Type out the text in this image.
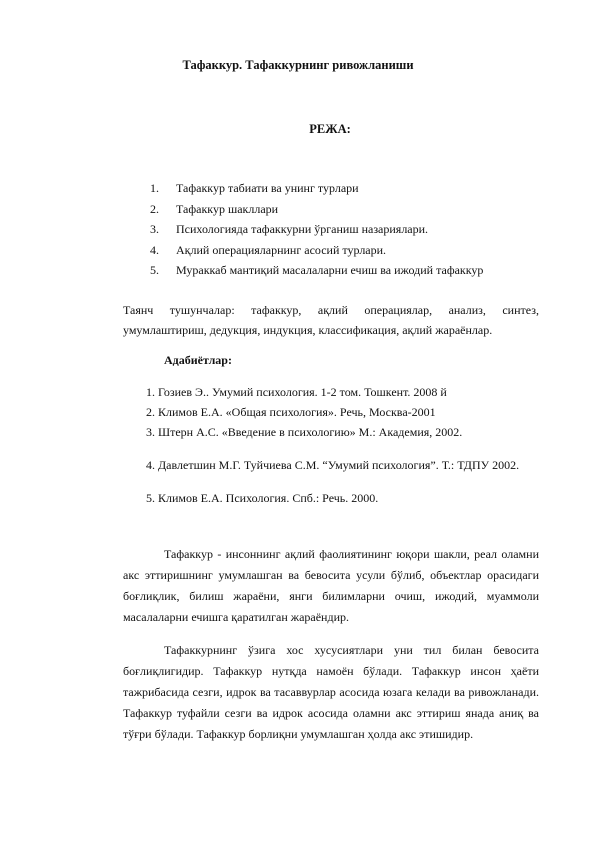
Тафаккур. Тафаккурнинг ривожланиши
РЕЖА:
1. Тафаккур табиати ва унинг турлари
2. Тафаккур шакллари
3. Психологияда тафаккурни ўрганиш назариялари.
4. Ақлий операцияларнинг асосий турлари.
5. Мураккаб мантиқий масалаларни ечиш ва ижодий тафаккур
Таянч тушунчалар: тафаккур, ақлий операциялар, анализ, синтез,
умумлаштириш, дедукция, индукция, классификация, ақлий жараёнлар.
Адабиётлар:
1. Гозиев Э.. Умумий психология. 1-2 том. Тошкент. 2008 й
2. Климов Е.А. «Общая психология». Речь, Москва-2001
3. Штерн А.С. «Введение в психологию» М.: Академия, 2002.
4. Давлетшин М.Г. Туйчиева С.М. “Умумий психология”. Т.: ТДПУ 2002.
5. Климов Е.А. Психология. Спб.: Речь. 2000.

Тафаккур - инсоннинг ақлий фаолиятининг юқори шакли, реал оламни акс эттиришнинг умумлашган ва бевосита усули бўлиб, объектлар орасидаги боғлиқлик, билиш жараёни, янги билимларни очиш, ижодий, муаммоли масалаларни ечишга қаратилган жараёндир.

Тафаккурнинг ўзига хос хусусиятлари уни тил билан бевосита боғлиқлигидир. Тафаккур нутқда намоён бўлади. Тафаккур инсон ҳаёти тажрибасида сезги, идрок ва тасаввурлар асосида юзага келади ва ривожланади. Тафаккур туфайли сезги ва идрок асосида оламни акс эттириш янада аниқ ва тўғри бўлади. Тафаккур борлиқни умумлашган ҳолда акс этишидир.
